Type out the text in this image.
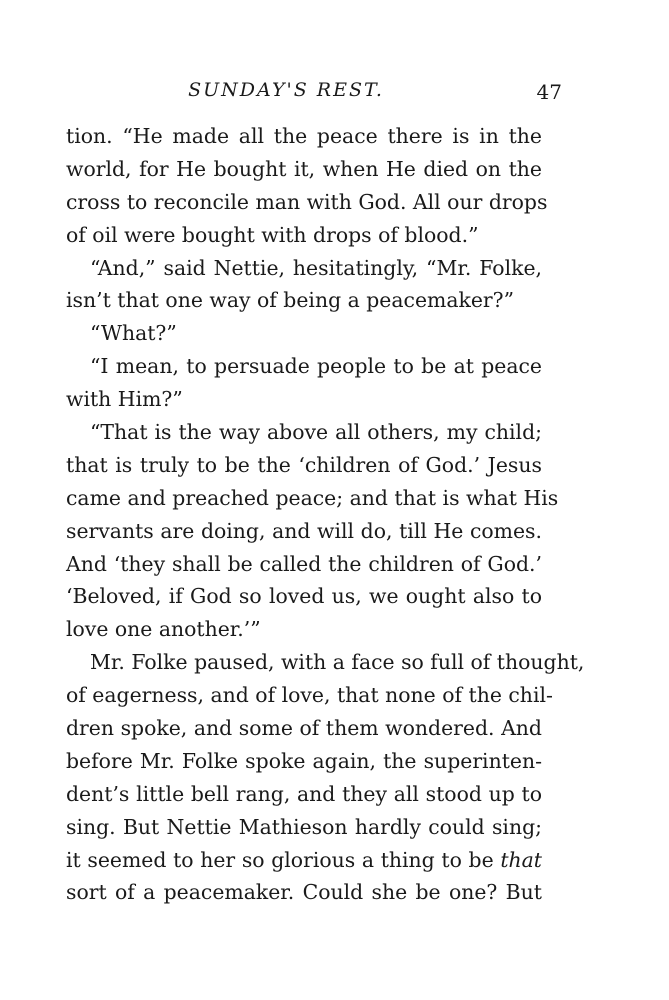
SUNDAY'S REST.	47
tion. “He made all the peace there is in the
world, for He bought it, when He died on the
cross to reconcile man with God. All our drops
of oil were bought with drops of blood.”
“And,” said Nettie, hesitatingly, “Mr. Folke,
isn’t that one way of being a peacemaker?”
“What?”
“I mean, to persuade people to be at peace
with Him?”
“That is the way above all others, my child;
that is truly to be the ‘children of God.’ Jesus
came and preached peace; and that is what His
servants are doing, and will do, till He comes.
And ‘they shall be called the children of God.’
‘Beloved, if God so loved us, we ought also to
love one another.’”
Mr. Folke paused, with a face so full of thought,
of eagerness, and of love, that none of the chil-
dren spoke, and some of them wondered. And
before Mr. Folke spoke again, the superinten-
dent’s little bell rang, and they all stood up to
sing. But Nettie Mathieson hardly could sing;
it seemed to her so glorious a thing to be that
sort of a peacemaker. Could she be one? But
